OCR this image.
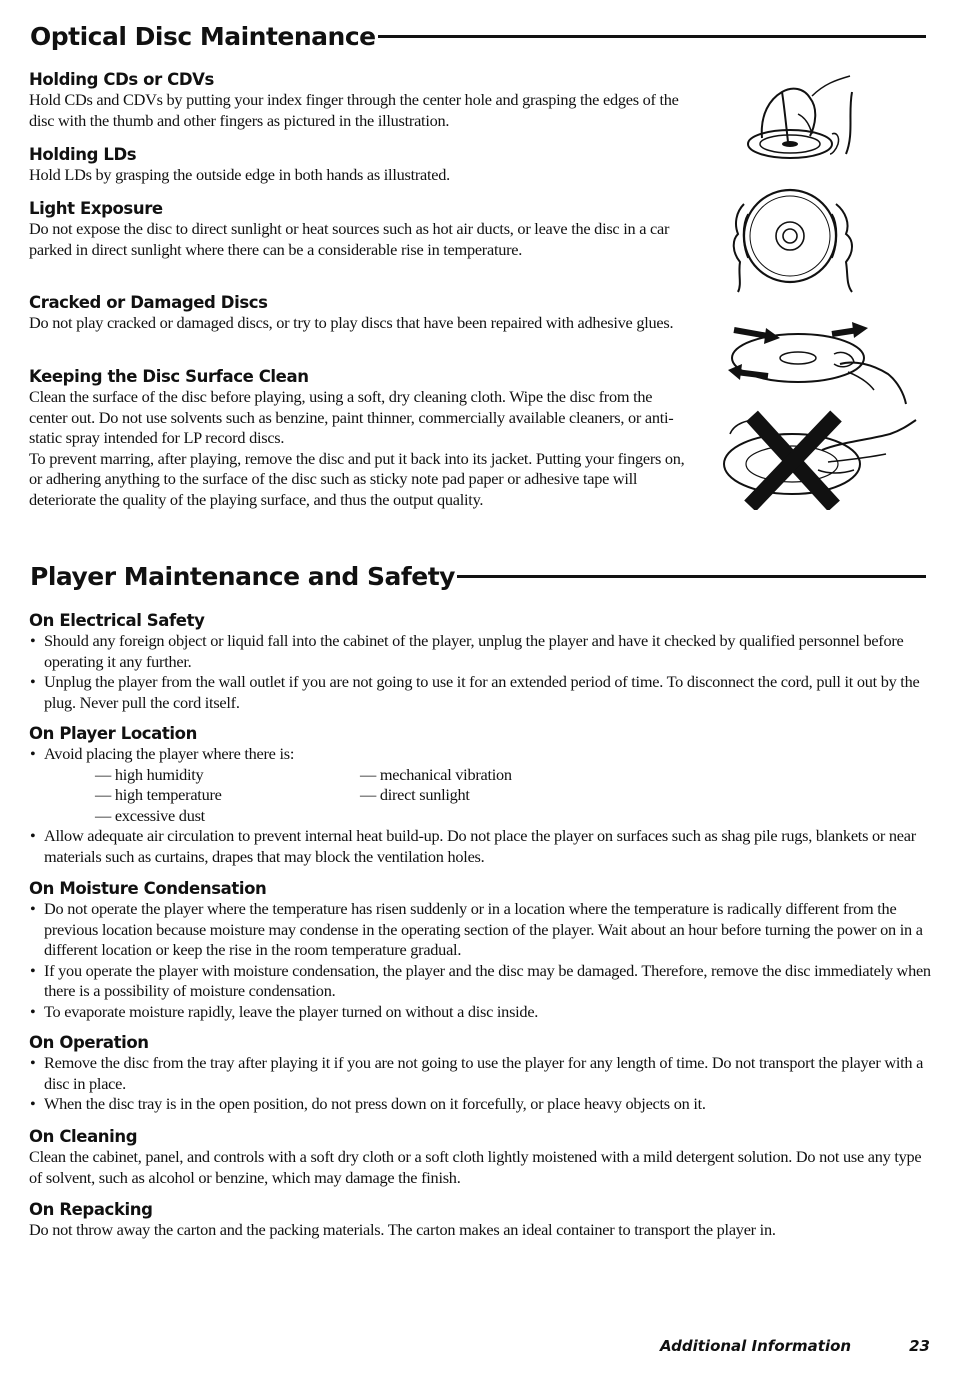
Optical Disc Maintenance

Holding CDs or CDVs

Hold CDs and CDVs by putting your index finger through the center hole and grasping the edges of the disc with the thumb and other fingers as pictured in the illustration.

Holding LDs

Hold LDs by grasping the outside edge in both hands as illustrated.

Light Exposure

Do not expose the disc to direct sunlight or heat sources such as hot air ducts, or leave the disc in a car parked in direct sunlight where there can be a considerable rise in temperature.

Cracked or Damaged Discs

Do not play cracked or damaged discs, or try to play discs that have been repaired with adhesive glues.

Keeping the Disc Surface Clean

Clean the surface of the disc before playing, using a soft, dry cleaning cloth. Wipe the disc from the center out. Do not use solvents such as benzine, paint thinner, commercially available cleaners, or anti-static spray intended for LP record discs.

To prevent marring, after playing, remove the disc and put it back into its jacket. Putting your fingers on, or adhering anything to the surface of the disc such as sticky note pad paper or adhesive tape will deteriorate the quality of the playing surface, and thus the output quality.

Player Maintenance and Safety

On Electrical Safety

• Should any foreign object or liquid fall into the cabinet of the player, unplug the player and have it checked by qualified personnel before operating it any further.
• Unplug the player from the wall outlet if you are not going to use it for an extended period of time. To disconnect the cord, pull it out by the plug. Never pull the cord itself.

On Player Location

• Avoid placing the player where there is:
— high humidity	— mechanical vibration
— high temperature	— direct sunlight
— excessive dust
• Allow adequate air circulation to prevent internal heat build-up. Do not place the player on surfaces such as shag pile rugs, blankets or near materials such as curtains, drapes that may block the ventilation holes.

On Moisture Condensation

• Do not operate the player where the temperature has risen suddenly or in a location where the temperature is radically different from the previous location because moisture may condense in the operating section of the player. Wait about an hour before turning the power on in a different location or keep the rise in the room temperature gradual.
• If you operate the player with moisture condensation, the player and the disc may be damaged. Therefore, remove the disc immediately when there is a possibility of moisture condensation.
• To evaporate moisture rapidly, leave the player turned on without a disc inside.

On Operation

• Remove the disc from the tray after playing it if you are not going to use the player for any length of time. Do not transport the player with a disc in place.
• When the disc tray is in the open position, do not press down on it forcefully, or place heavy objects on it.

On Cleaning

Clean the cabinet, panel, and controls with a soft dry cloth or a soft cloth lightly moistened with a mild detergent solution. Do not use any type of solvent, such as alcohol or benzine, which may damage the finish.

On Repacking

Do not throw away the carton and the packing materials. The carton makes an ideal container to transport the player in.

Additional Information	23
